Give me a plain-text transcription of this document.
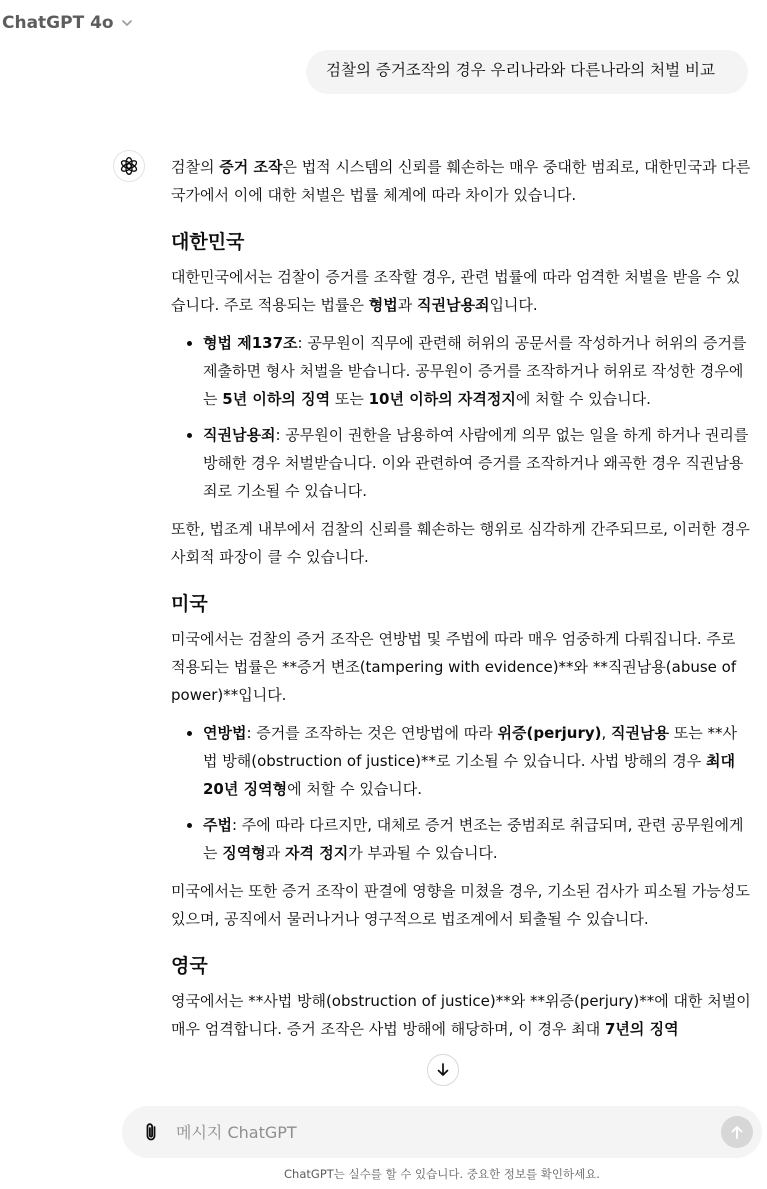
ChatGPT 4o
검찰의 증거조작의 경우 우리나라와 다른나라의 처벌 비교

검찰의 증거 조작은 법적 시스템의 신뢰를 훼손하는 매우 중대한 범죄로, 대한민국과 다른 국가에서 이에 대한 처벌은 법률 체계에 따라 차이가 있습니다.

대한민국

대한민국에서는 검찰이 증거를 조작할 경우, 관련 법률에 따라 엄격한 처벌을 받을 수 있습니다. 주로 적용되는 법률은 형법과 직권남용죄입니다.

• 형법 제137조: 공무원이 직무에 관련해 허위의 공문서를 작성하거나 허위의 증거를 제출하면 형사 처벌을 받습니다. 공무원이 증거를 조작하거나 허위로 작성한 경우에는 5년 이하의 징역 또는 10년 이하의 자격정지에 처할 수 있습니다.
• 직권남용죄: 공무원이 권한을 남용하여 사람에게 의무 없는 일을 하게 하거나 권리를 방해한 경우 처벌받습니다. 이와 관련하여 증거를 조작하거나 왜곡한 경우 직권남용죄로 기소될 수 있습니다.

또한, 법조계 내부에서 검찰의 신뢰를 훼손하는 행위로 심각하게 간주되므로, 이러한 경우 사회적 파장이 클 수 있습니다.

미국

미국에서는 검찰의 증거 조작은 연방법 및 주법에 따라 매우 엄중하게 다뤄집니다. 주로 적용되는 법률은 **증거 변조(tampering with evidence)**와 **직권남용(abuse of power)**입니다.

• 연방법: 증거를 조작하는 것은 연방법에 따라 위증(perjury), 직권남용 또는 **사법 방해(obstruction of justice)**로 기소될 수 있습니다. 사법 방해의 경우 최대 20년 징역형에 처할 수 있습니다.
• 주법: 주에 따라 다르지만, 대체로 증거 변조는 중범죄로 취급되며, 관련 공무원에게는 징역형과 자격 정지가 부과될 수 있습니다.

미국에서는 또한 증거 조작이 판결에 영향을 미쳤을 경우, 기소된 검사가 피소될 가능성도 있으며, 공직에서 물러나거나 영구적으로 법조계에서 퇴출될 수 있습니다.

영국

영국에서는 **사법 방해(obstruction of justice)**와 **위증(perjury)**에 대한 처벌이 매우 엄격합니다. 증거 조작은 사법 방해에 해당하며, 이 경우 최대 7년의 징역

메시지 ChatGPT
ChatGPT는 실수를 할 수 있습니다. 중요한 정보를 확인하세요.
